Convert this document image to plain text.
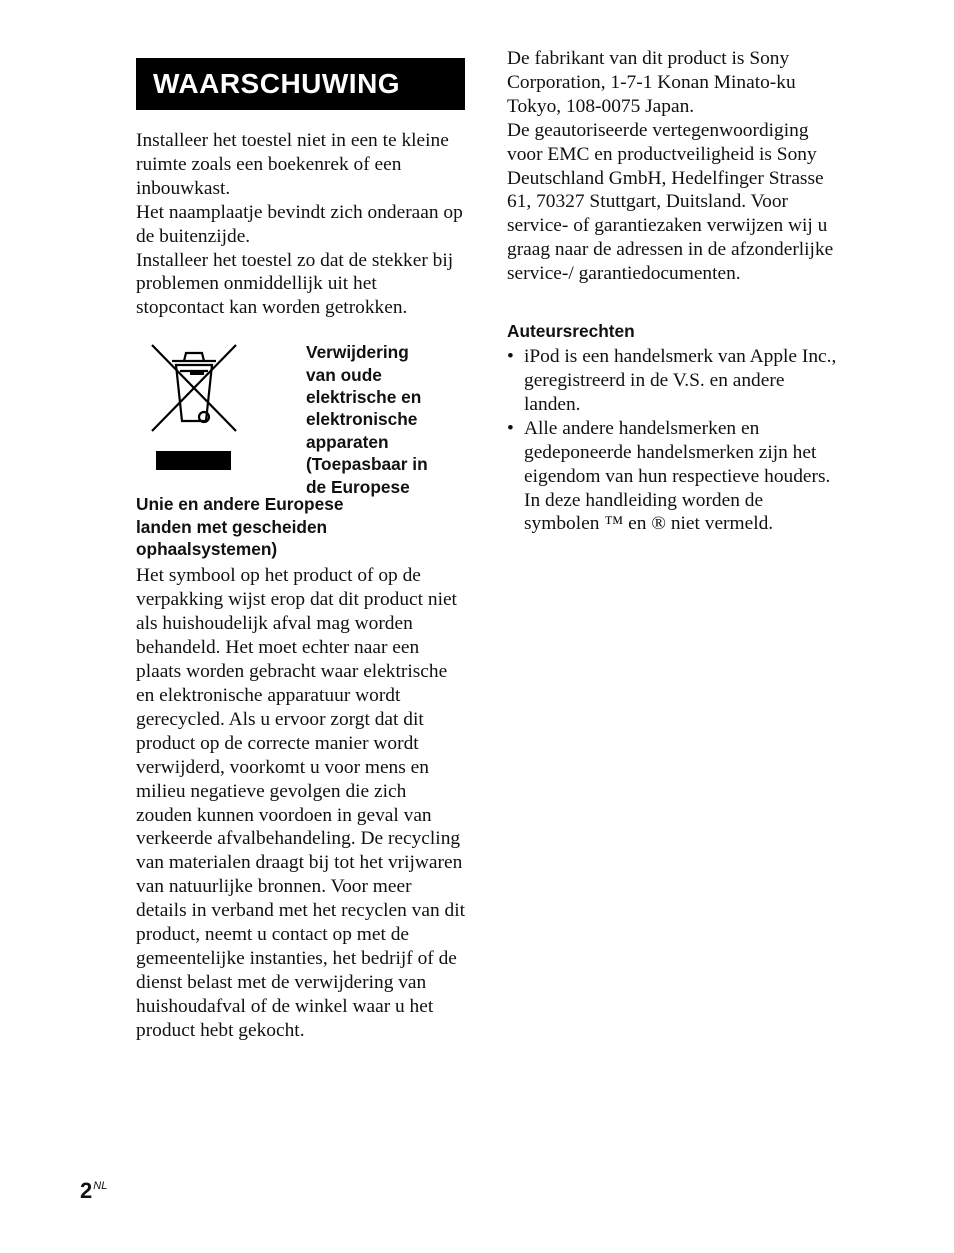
WAARSCHUWING

Installeer het toestel niet in een te kleine ruimte zoals een boekenrek of een inbouwkast.

Het naamplaatje bevindt zich onderaan op de buitenzijde.

Installeer het toestel zo dat de stekker bij problemen onmiddellijk uit het stopcontact kan worden getrokken.

Verwijdering
van oude
elektrische en
elektronische
apparaten
(Toepasbaar in
de Europese
Unie en andere Europese
landen met gescheiden
ophaalsystemen)

Het symbool op het product of op de verpakking wijst erop dat dit product niet als huishoudelijk afval mag worden behandeld. Het moet echter naar een plaats worden gebracht waar elektrische en elektronische apparatuur wordt gerecycled. Als u ervoor zorgt dat dit product op de correcte manier wordt verwijderd, voorkomt u voor mens en milieu negatieve gevolgen die zich zouden kunnen voordoen in geval van verkeerde afvalbehandeling. De recycling van materialen draagt bij tot het vrijwaren van natuurlijke bronnen. Voor meer details in verband met het recyclen van dit product, neemt u contact op met de gemeentelijke instanties, het bedrijf of de dienst belast met de verwijdering van huishoudafval of de winkel waar u het product hebt gekocht.

De fabrikant van dit product is Sony Corporation, 1-7-1 Konan Minato-ku Tokyo, 108-0075 Japan.

De geautoriseerde vertegenwoordiging voor EMC en productveiligheid is Sony Deutschland GmbH, Hedelfinger Strasse 61, 70327 Stuttgart, Duitsland. Voor service- of garantiezaken verwijzen wij u graag naar de adressen in de afzonderlijke service-/ garantiedocumenten.

Auteursrechten
• iPod is een handelsmerk van Apple Inc., geregistreerd in de V.S. en andere landen.
• Alle andere handelsmerken en gedeponeerde handelsmerken zijn het eigendom van hun respectieve houders. In deze handleiding worden de symbolen ™ en ® niet vermeld.
$2^{NL}$
